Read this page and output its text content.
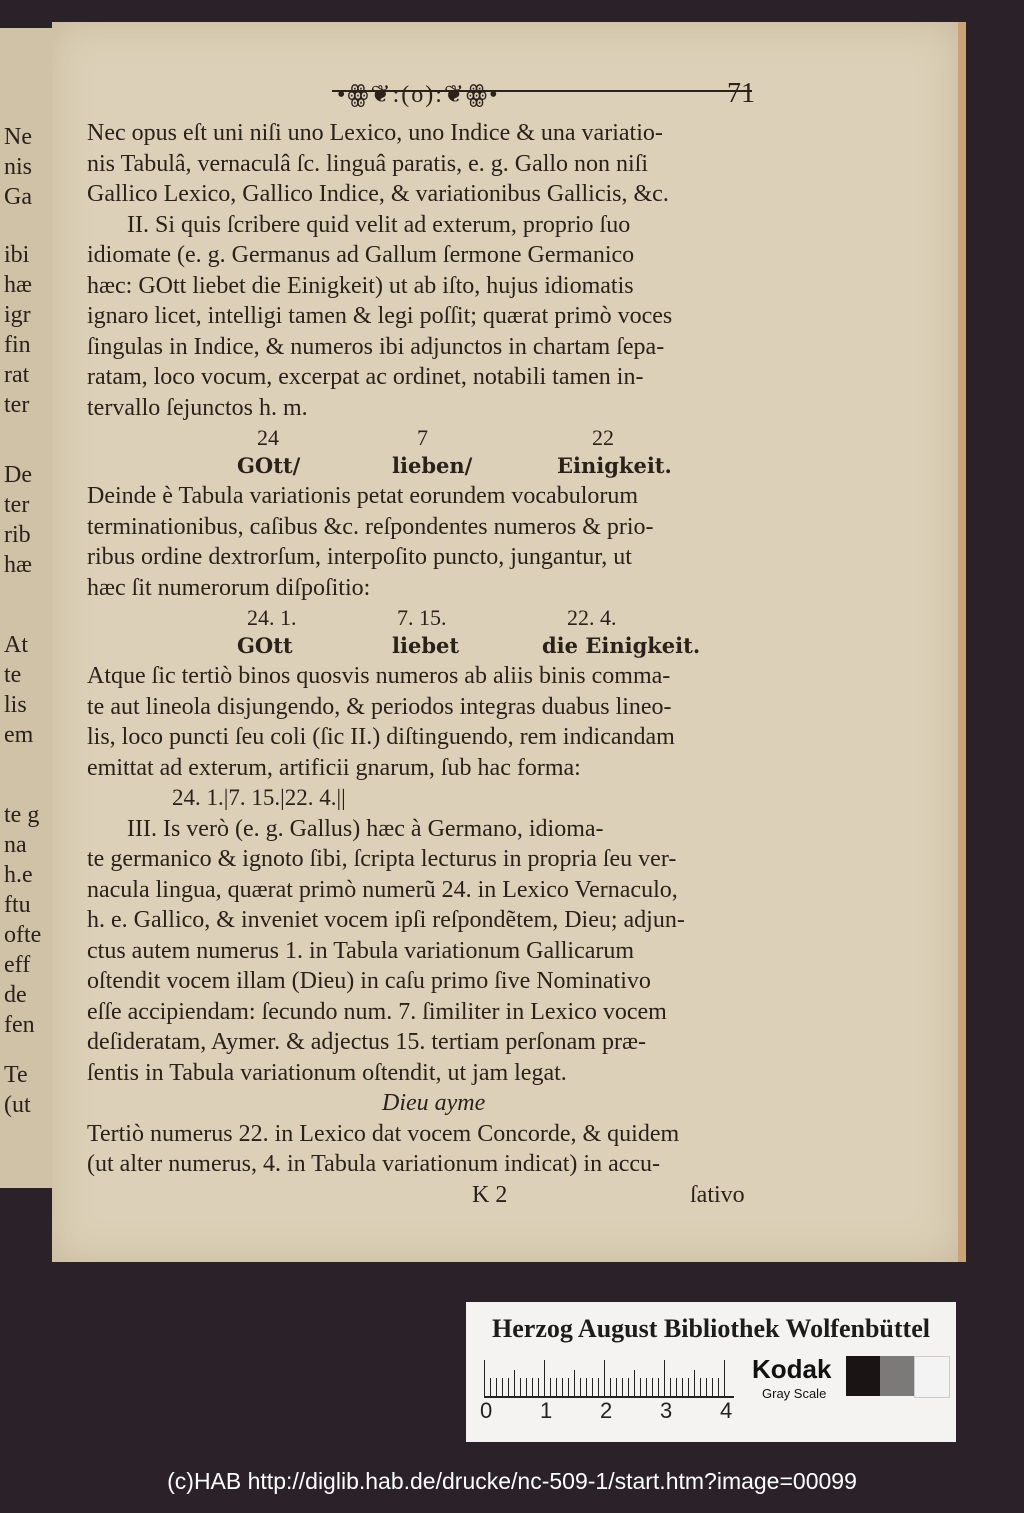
Ne
nis
Ga
ibi
hæ
igr
fin
rat
ter
De
ter
rib
hæ
At
te
lis
em
te g
na
h.e
ftu
ofte
eff
de
fen
Te
(ut
•ꙮ❦:(o):❦ꙮ•	71
Nec opus eſt uni niſi uno Lexico, uno Indice & una variatio-
nis Tabulâ, vernaculâ ſc. linguâ paratis, e. g. Gallo non niſi
Gallico Lexico, Gallico Indice, & variationibus Gallicis, &c.
II. Si quis ſcribere quid velit ad exterum, proprio ſuo
idiomate (e. g. Germanus ad Gallum ſermone Germanico
hæc: GOtt liebet die Einigkeit) ut ab iſto, hujus idiomatis
ignaro licet, intelligi tamen & legi poſſit; quærat primò voces
ſingulas in Indice, & numeros ibi adjunctos in chartam ſepa-
ratam, loco vocum, excerpat ac ordinet, notabili tamen in-
tervallo ſejunctos h. m.
24	7	22
GOtt/	lieben/	Einigkeit.
Deinde è Tabula variationis petat eorundem vocabulorum
terminationibus, caſibus &c. reſpondentes numeros & prio-
ribus ordine dextrorſum, interpoſito puncto, jungantur, ut
hæc ſit numerorum diſpoſitio:
24. 1.	7. 15.	22. 4.
GOtt	liebet	die Einigkeit.
Atque ſic tertiò binos quosvis numeros ab aliis binis comma-
te aut lineola disjungendo, & periodos integras duabus lineo-
lis, loco puncti ſeu coli (ſic II.) diſtinguendo, rem indicandam
emittat ad exterum, artificii gnarum, ſub hac forma:
24. 1.|7. 15.|22. 4.||
III. Is verò (e. g. Gallus) hæc à Germano, idioma-
te germanico & ignoto ſibi, ſcripta lecturus in propria ſeu ver-
nacula lingua, quærat primò numerũ 24. in Lexico Vernaculo,
h. e. Gallico, & inveniet vocem ipſi reſpondẽtem, Dieu; adjun-
ctus autem numerus 1. in Tabula variationum Gallicarum
oſtendit vocem illam (Dieu) in caſu primo ſive Nominativo
eſſe accipiendam: ſecundo num. 7. ſimiliter in Lexico vocem
deſideratam, Aymer. & adjectus 15. tertiam perſonam præ-
ſentis in Tabula variationum oſtendit, ut jam legat.
Dieu ayme
Tertiò numerus 22. in Lexico dat vocem Concorde, & quidem
(ut alter numerus, 4. in Tabula variationum indicat) in accu-
K 2	ſativo
Herzog August Bibliothek Wolfenbüttel
0 1 2 3 4
Kodak
Gray Scale
(c)HAB http://diglib.hab.de/drucke/nc-509-1/start.htm?image=00099
